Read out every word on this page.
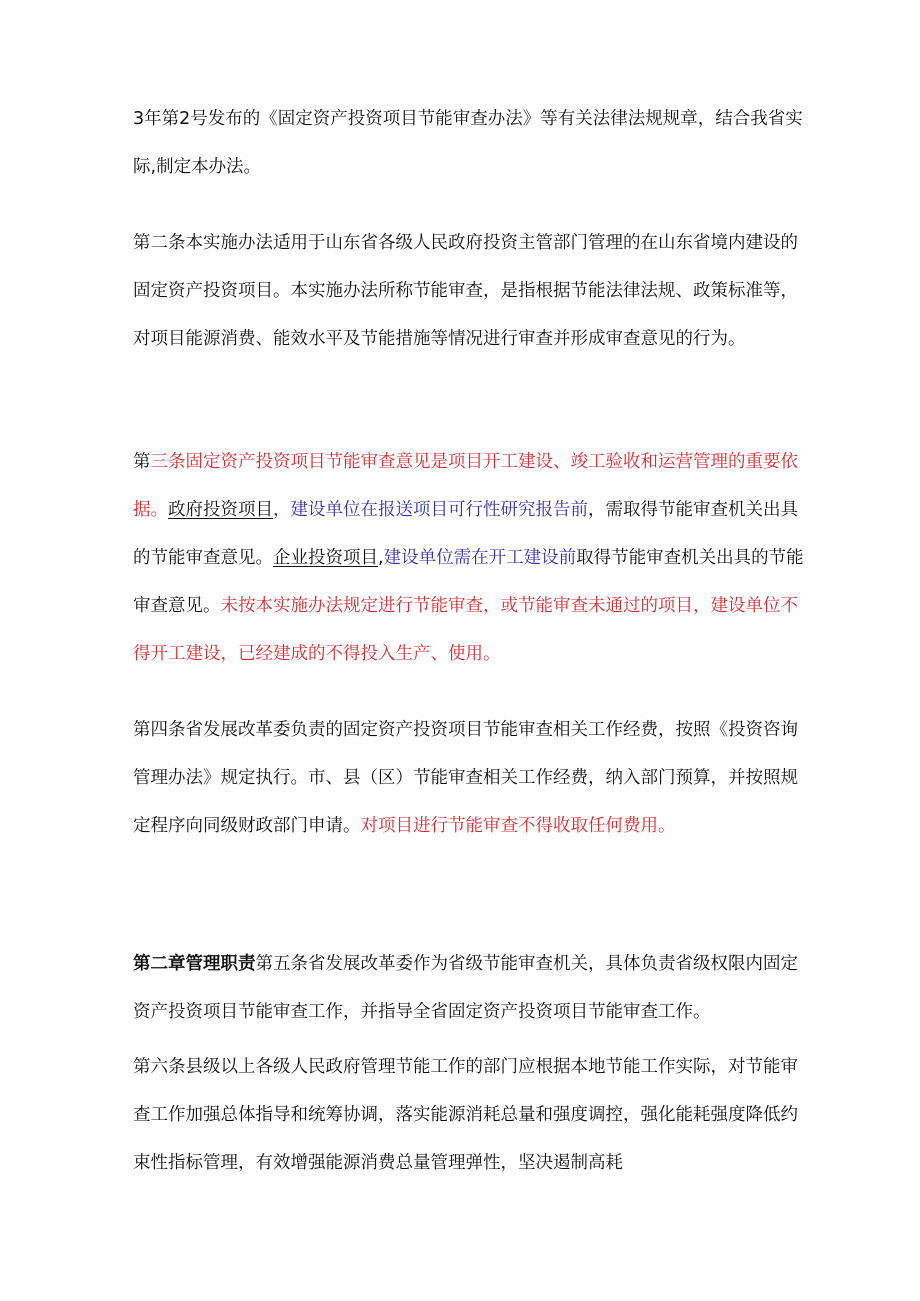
3年第2号发布的《固定资产投资项目节能审查办法》等有关法律法规规章，结合我省实际,制定本办法。

第二条本实施办法适用于山东省各级人民政府投资主管部门管理的在山东省境内建设的固定资产投资项目。本实施办法所称节能审查，是指根据节能法律法规、政策标准等，对项目能源消费、能效水平及节能措施等情况进行审查并形成审查意见的行为。

第三条固定资产投资项目节能审查意见是项目开工建设、竣工验收和运营管理的重要依据。政府投资项目，建设单位在报送项目可行性研究报告前，需取得节能审查机关出具的节能审查意见。企业投资项目,建设单位需在开工建设前取得节能审查机关出具的节能审查意见。未按本实施办法规定进行节能审查，或节能审查未通过的项目，建设单位不得开工建设，已经建成的不得投入生产、使用。

第四条省发展改革委负责的固定资产投资项目节能审查相关工作经费，按照《投资咨询管理办法》规定执行。市、县（区）节能审查相关工作经费，纳入部门预算，并按照规定程序向同级财政部门申请。对项目进行节能审查不得收取任何费用。

第二章管理职责第五条省发展改革委作为省级节能审查机关，具体负责省级权限内固定资产投资项目节能审查工作，并指导全省固定资产投资项目节能审查工作。

第六条县级以上各级人民政府管理节能工作的部门应根据本地节能工作实际，对节能审查工作加强总体指导和统筹协调，落实能源消耗总量和强度调控，强化能耗强度降低约束性指标管理，有效增强能源消费总量管理弹性，坚决遏制高耗
